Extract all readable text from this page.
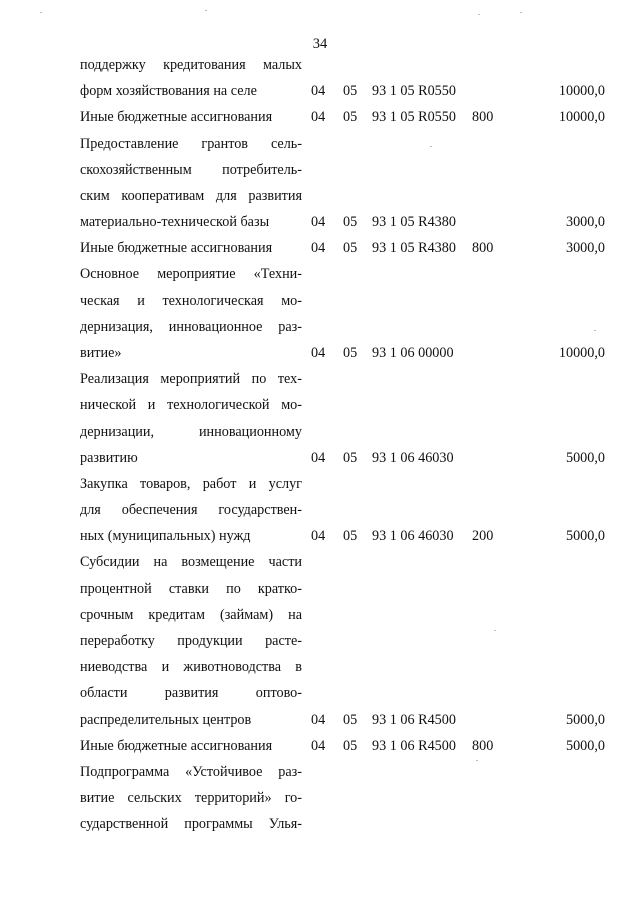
34
поддержку кредитования малых
форм хозяйствования на селе	04 05 93 1 05 R0550	10000,0
Иные бюджетные ассигнования	04 05 93 1 05 R0550 800	10000,0
Предоставление грантов сель-
скохозяйственным потребитель-
ским кооперативам для развития
материально-технической базы	04 05 93 1 05 R4380	3000,0
Иные бюджетные ассигнования	04 05 93 1 05 R4380 800	3000,0
Основное мероприятие «Техни-
ческая и технологическая мо-
дернизация, инновационное раз-
витие»	04 05 93 1 06 00000	10000,0
Реализация мероприятий по тех-
нической и технологической мо-
дернизации, инновационному
развитию	04 05 93 1 06 46030	5000,0
Закупка товаров, работ и услуг
для обеспечения государствен-
ных (муниципальных) нужд	04 05 93 1 06 46030 200	5000,0
Субсидии на возмещение части
процентной ставки по кратко-
срочным кредитам (займам) на
переработку продукции расте-
ниеводства и животноводства в
области развития оптово-
распределительных центров	04 05 93 1 06 R4500	5000,0
Иные бюджетные ассигнования	04 05 93 1 06 R4500 800	5000,0
Подпрограмма «Устойчивое раз-
витие сельских территорий» го-
сударственной программы Улья-
